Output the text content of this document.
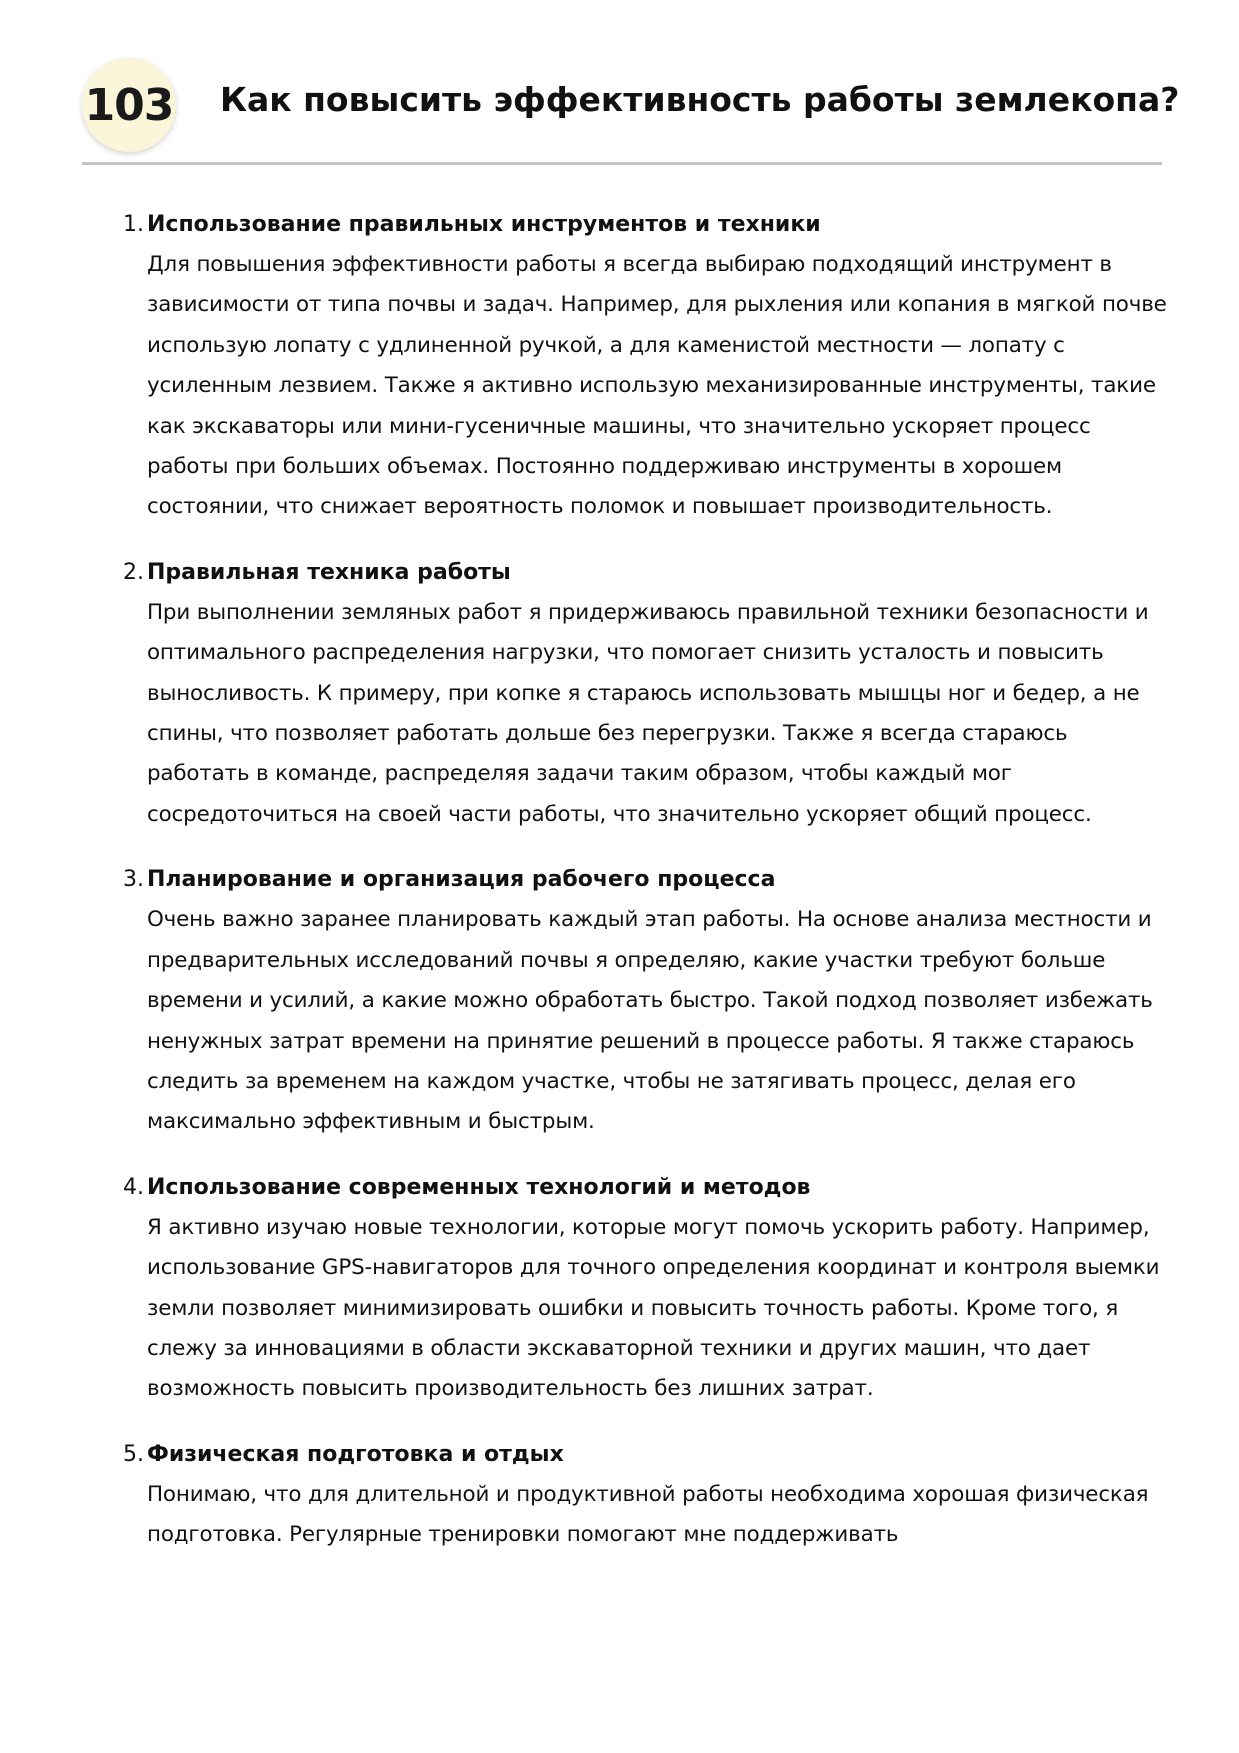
103 Как повысить эффективность работы землекопа?
1. Использование правильных инструментов и техники

Для повышения эффективности работы я всегда выбираю подходящий инструмент в зависимости от типа почвы и задач. Например, для рыхления или копания в мягкой почве использую лопату с удлиненной ручкой, а для каменистой местности — лопату с усиленным лезвием. Также я активно использую механизированные инструменты, такие как экскаваторы или мини-гусеничные машины, что значительно ускоряет процесс работы при больших объемах. Постоянно поддерживаю инструменты в хорошем состоянии, что снижает вероятность поломок и повышает производительность.

2. Правильная техника работы

При выполнении земляных работ я придерживаюсь правильной техники безопасности и оптимального распределения нагрузки, что помогает снизить усталость и повысить выносливость. К примеру, при копке я стараюсь использовать мышцы ног и бедер, а не спины, что позволяет работать дольше без перегрузки. Также я всегда стараюсь работать в команде, распределяя задачи таким образом, чтобы каждый мог сосредоточиться на своей части работы, что значительно ускоряет общий процесс.

3. Планирование и организация рабочего процесса

Очень важно заранее планировать каждый этап работы. На основе анализа местности и предварительных исследований почвы я определяю, какие участки требуют больше времени и усилий, а какие можно обработать быстро. Такой подход позволяет избежать ненужных затрат времени на принятие решений в процессе работы. Я также стараюсь следить за временем на каждом участке, чтобы не затягивать процесс, делая его максимально эффективным и быстрым.

4. Использование современных технологий и методов

Я активно изучаю новые технологии, которые могут помочь ускорить работу. Например, использование GPS-навигаторов для точного определения координат и контроля выемки земли позволяет минимизировать ошибки и повысить точность работы. Кроме того, я слежу за инновациями в области экскаваторной техники и других машин, что дает возможность повысить производительность без лишних затрат.

5. Физическая подготовка и отдых

Понимаю, что для длительной и продуктивной работы необходима хорошая физическая подготовка. Регулярные тренировки помогают мне поддерживать
